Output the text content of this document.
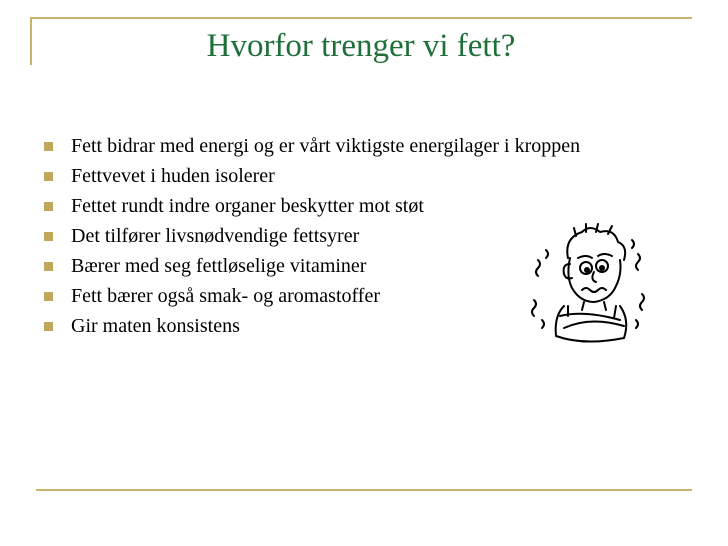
Hvorfor trenger vi fett?
Fett bidrar med energi og er vårt viktigste energilager i kroppen
Fettvevet i huden isolerer
Fettet rundt indre organer beskytter mot støt
Det tilfører livsnødvendige fettsyrer
Bærer med seg fettløselige vitaminer
Fett bærer også smak- og aromastoffer
Gir maten konsistens
